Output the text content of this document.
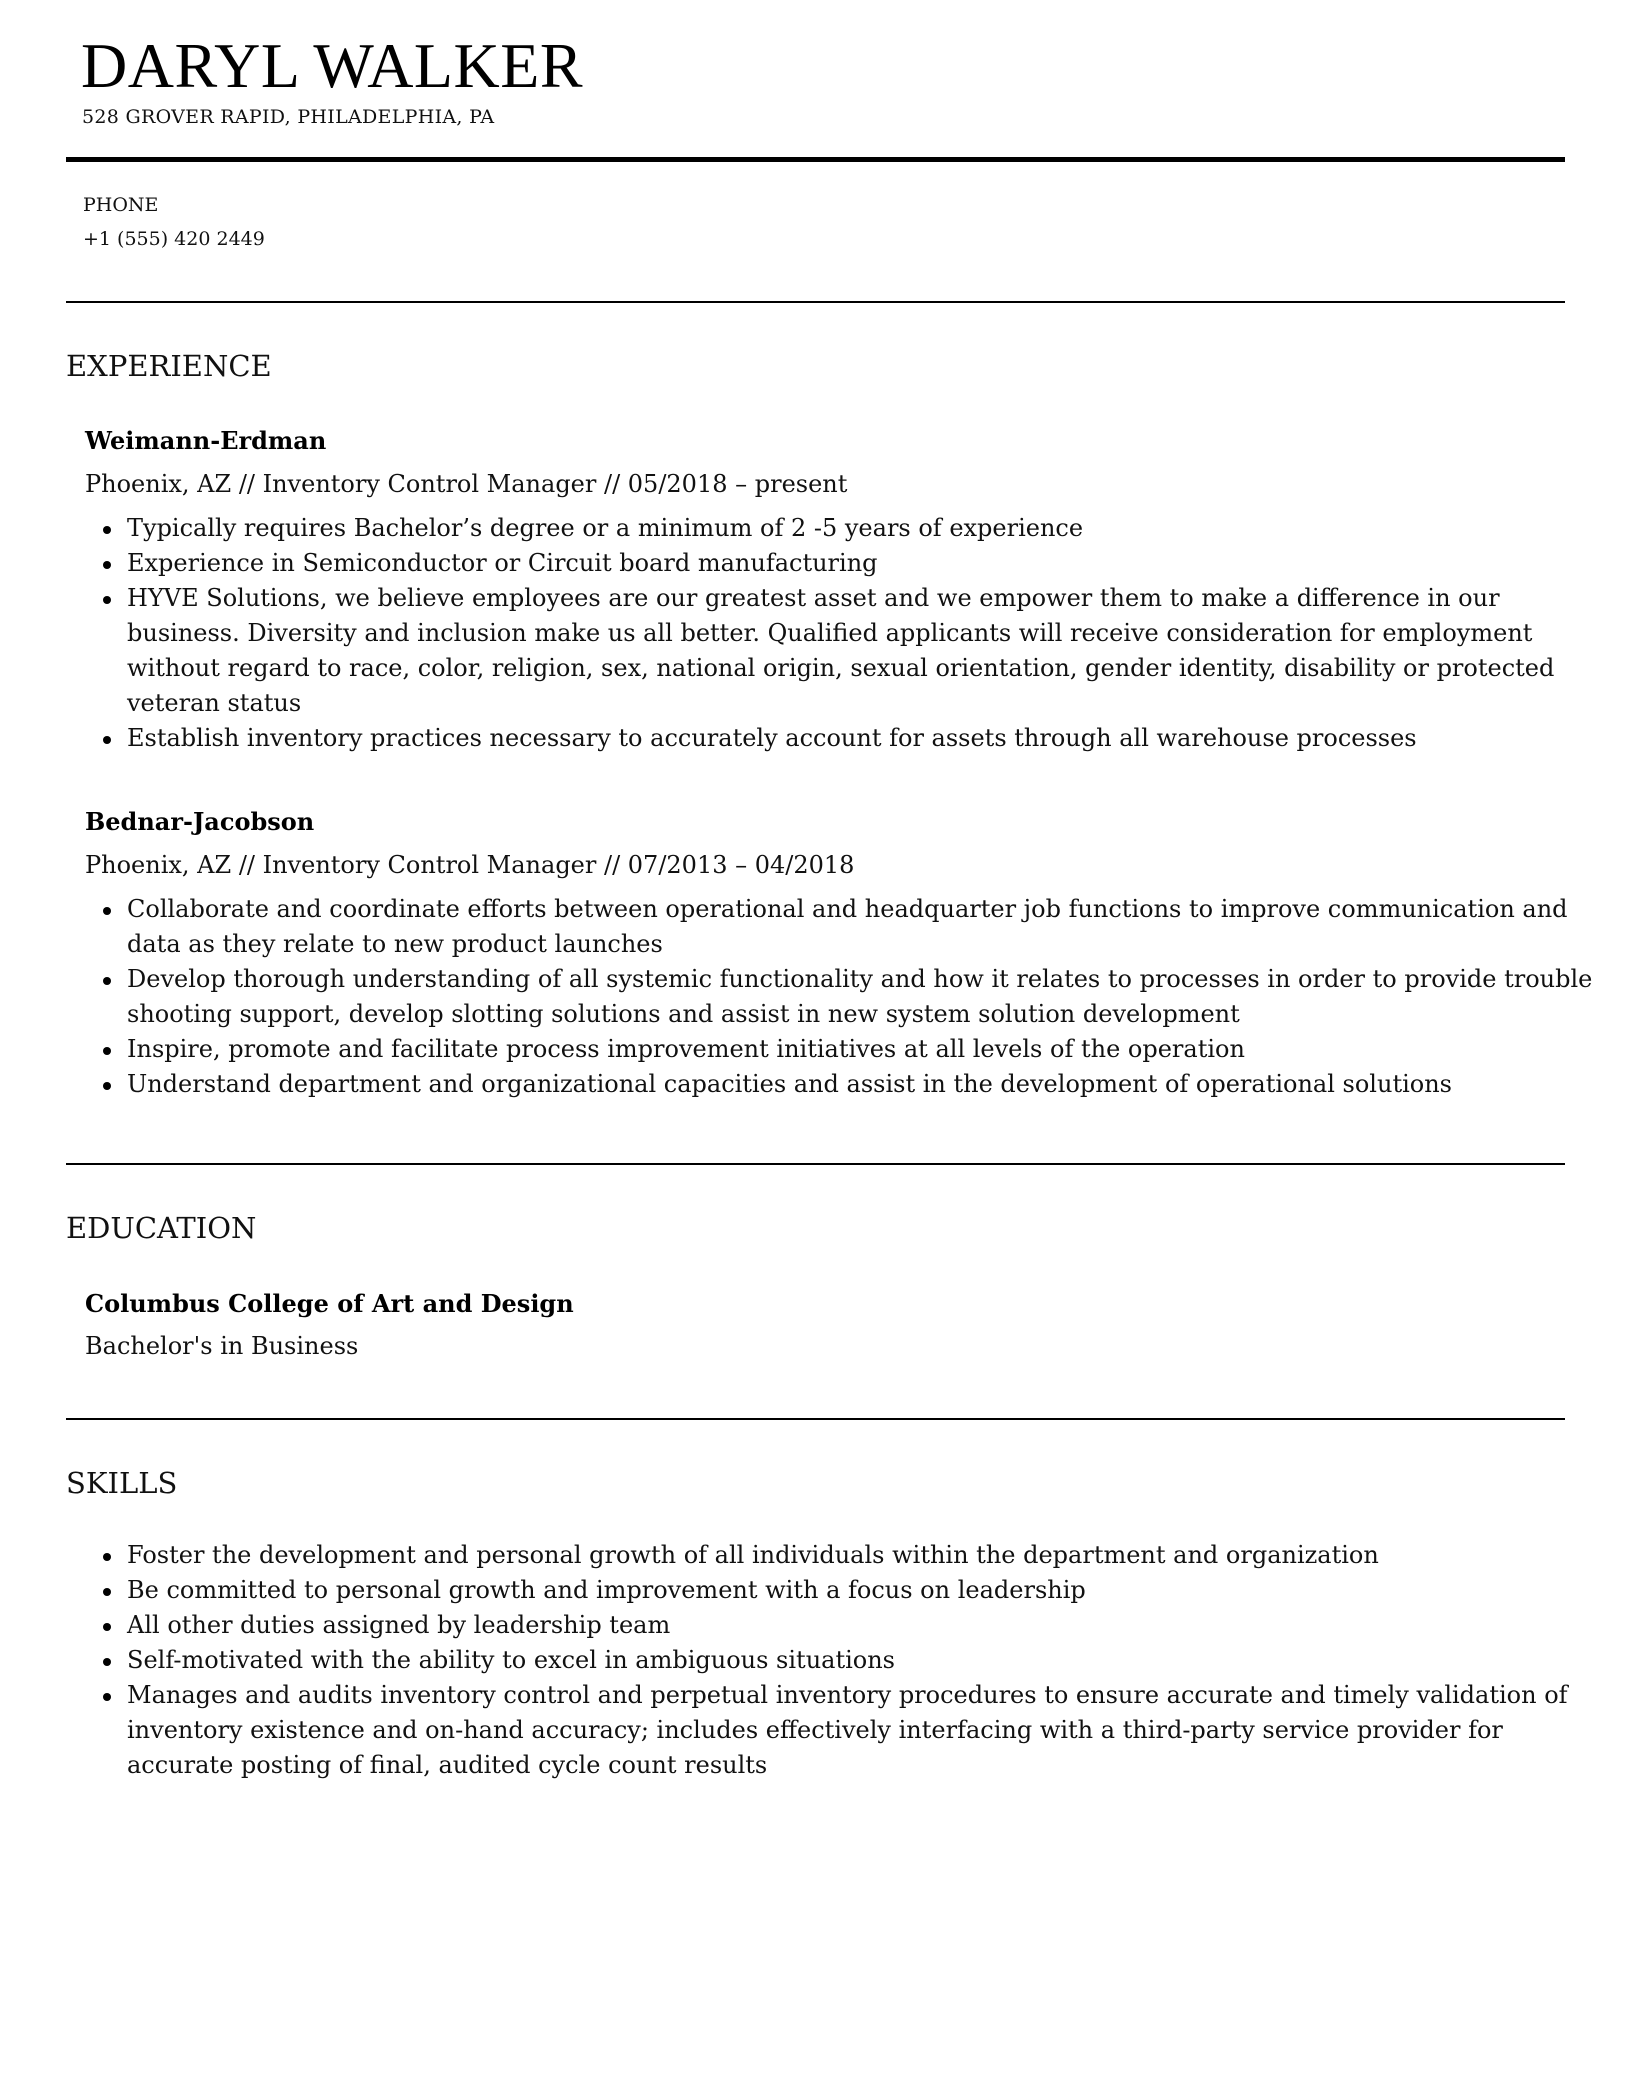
DARYL WALKER
528 GROVER RAPID, PHILADELPHIA, PA
PHONE
+1 (555) 420 2449
EXPERIENCE
Weimann-Erdman
Phoenix, AZ // Inventory Control Manager // 05/2018 – present
Typically requires Bachelor’s degree or a minimum of 2 -5 years of experience
Experience in Semiconductor or Circuit board manufacturing
HYVE Solutions, we believe employees are our greatest asset and we empower them to make a difference in our business. Diversity and inclusion make us all better. Qualified applicants will receive consideration for employment without regard to race, color, religion, sex, national origin, sexual orientation, gender identity, disability or protected veteran status
Establish inventory practices necessary to accurately account for assets through all warehouse processes
Bednar-Jacobson
Phoenix, AZ // Inventory Control Manager // 07/2013 – 04/2018
Collaborate and coordinate efforts between operational and headquarter job functions to improve communication and data as they relate to new product launches
Develop thorough understanding of all systemic functionality and how it relates to processes in order to provide trouble shooting support, develop slotting solutions and assist in new system solution development
Inspire, promote and facilitate process improvement initiatives at all levels of the operation
Understand department and organizational capacities and assist in the development of operational solutions
EDUCATION
Columbus College of Art and Design
Bachelor's in Business
SKILLS
Foster the development and personal growth of all individuals within the department and organization
Be committed to personal growth and improvement with a focus on leadership
All other duties assigned by leadership team
Self-motivated with the ability to excel in ambiguous situations
Manages and audits inventory control and perpetual inventory procedures to ensure accurate and timely validation of inventory existence and on-hand accuracy; includes effectively interfacing with a third-party service provider for accurate posting of final, audited cycle count results
